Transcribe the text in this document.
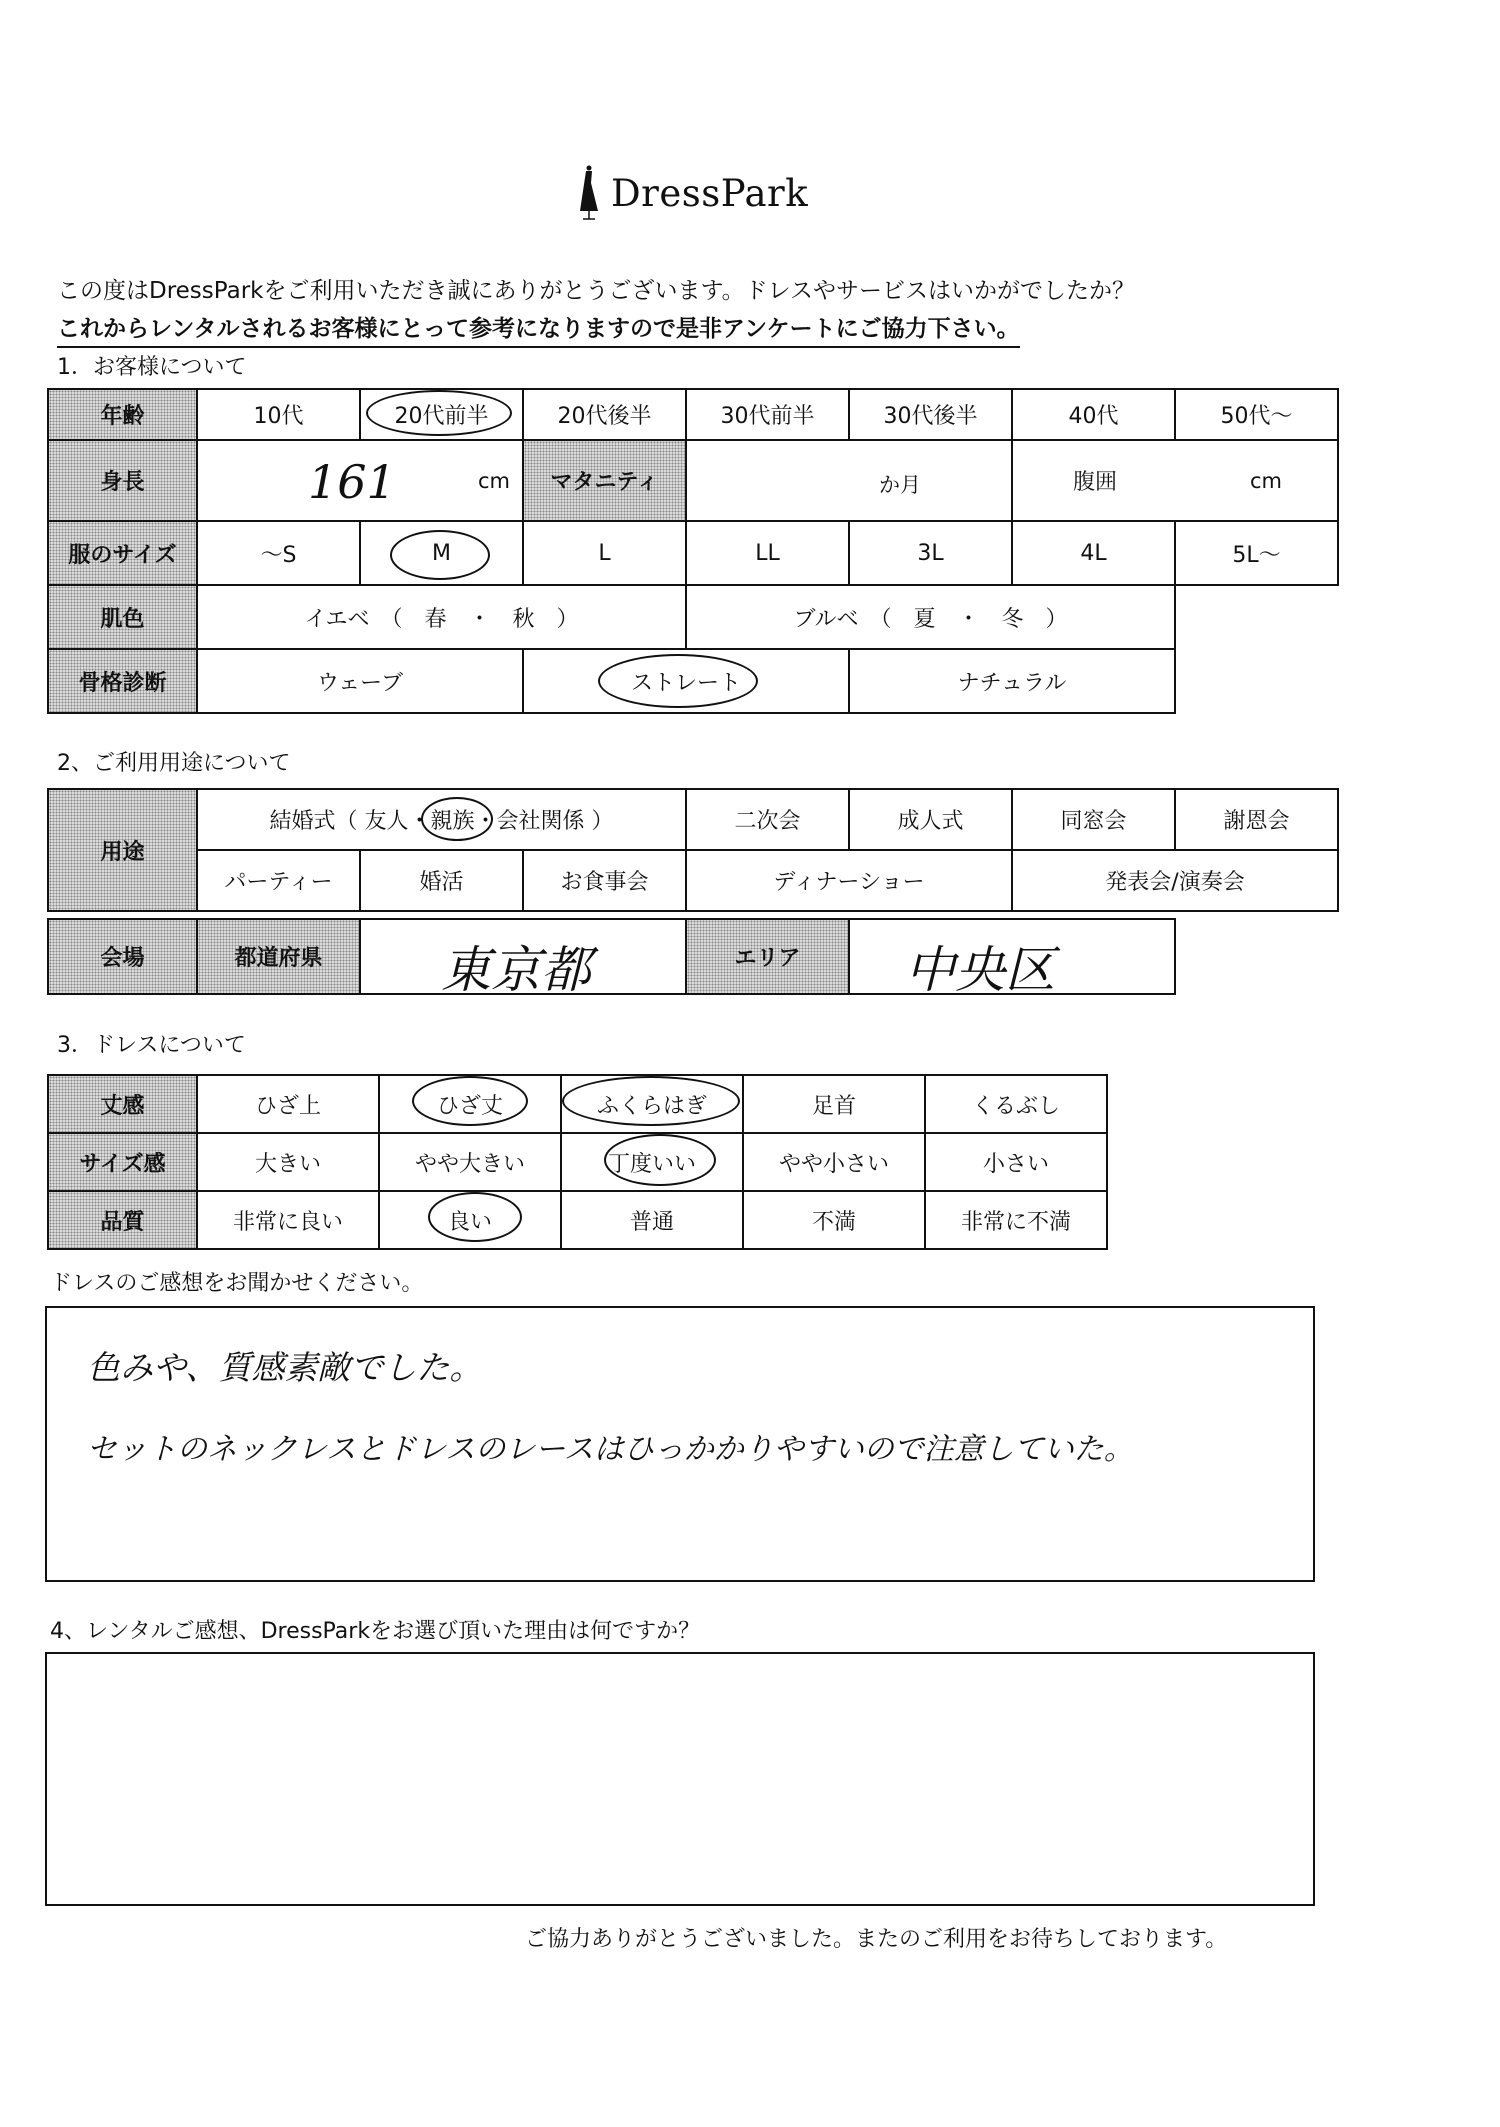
DressPark
この度はDressParkをご利用いただき誠にありがとうございます。ドレスやサービスはいかがでしたか？
これからレンタルされるお客様にとって参考になりますので是非アンケートにご協力下さい。
1．お客様について
年齢	10代	20代前半	20代後半	30代前半	30代後半	40代	50代～
身長	161	cm	マタニティ	か月	腹囲	cm
服のサイズ	～S	M	L	LL	3L	4L	5L～
肌色	イエベ　（　春　・　秋　）	ブルベ　（　夏　・　冬　）
骨格診断	ウェーブ	ストレート	ナチュラル
2、ご利用用途について
用途
結婚式（ 友人・親族・会社関係 ）	二次会	成人式	同窓会	謝恩会
パーティー	婚活	お食事会	ディナーショー	発表会/演奏会
会場	都道府県	東京都	エリア	中央区
3．ドレスについて
丈感	ひざ上	ひざ丈	ふくらはぎ	足首	くるぶし
サイズ感	大きい	やや大きい	丁度いい	やや小さい	小さい
品質	非常に良い	良い	普通	不満	非常に不満
ドレスのご感想をお聞かせください。
色みや、質感素敵でした。
セットのネックレスとドレスのレースはひっかかりやすいので注意していた。
4、レンタルご感想、DressParkをお選び頂いた理由は何ですか？
ご協力ありがとうございました。またのご利用をお待ちしております。
